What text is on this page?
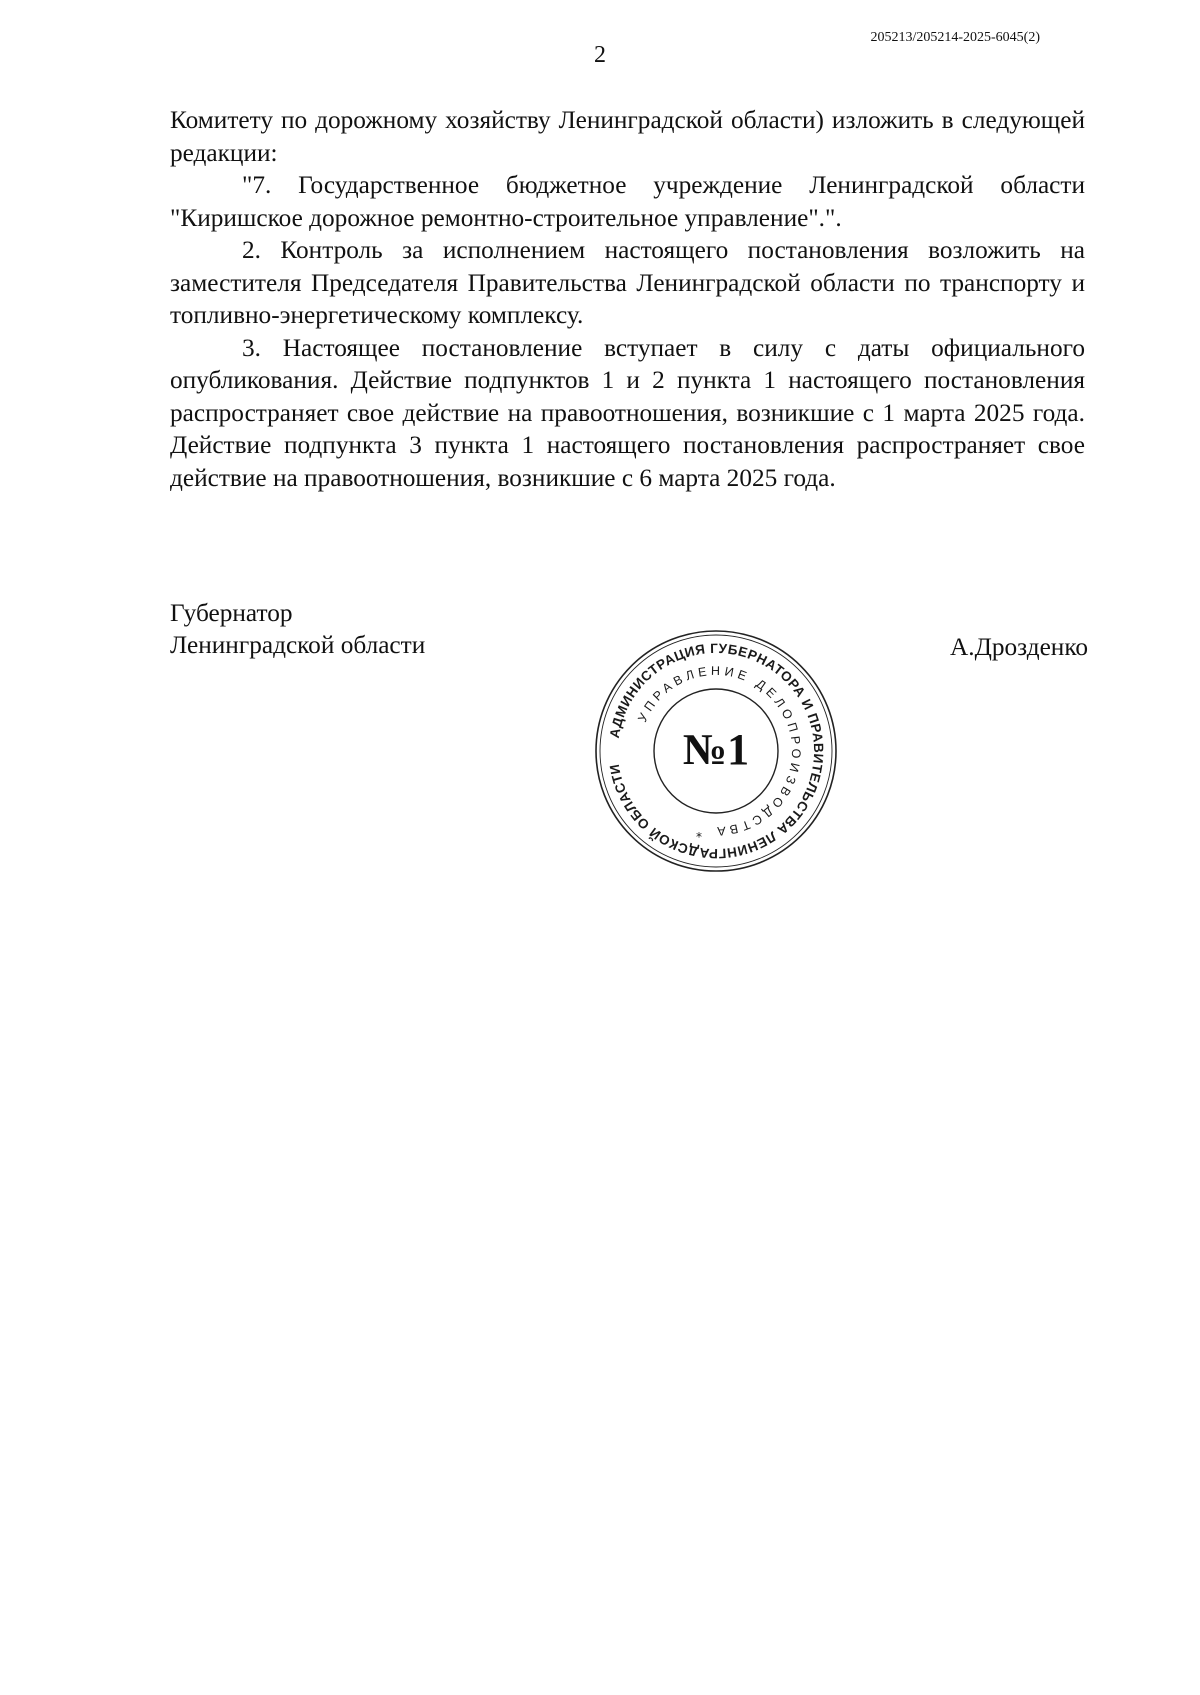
205213/205214-2025-6045(2)
2

Комитету по дорожному хозяйству Ленинградской области) изложить в следующей редакции:

"7. Государственное бюджетное учреждение Ленинградской области "Киришское дорожное ремонтно-строительное управление".".

2. Контроль за исполнением настоящего постановления возложить на заместителя Председателя Правительства Ленинградской области по транспорту и топливно-энергетическому комплексу.

3. Настоящее постановление вступает в силу с даты официального опубликования. Действие подпунктов 1 и 2 пункта 1 настоящего постановления распространяет свое действие на правоотношения, возникшие с 1 марта 2025 года. Действие подпункта 3 пункта 1 настоящего постановления распространяет свое действие на правоотношения, возникшие с 6 марта 2025 года.

Губернатор
Ленинградской области	А.Дрозденко
АДМИНИСТРАЦИЯ ГУБЕРНАТОРА И ПРАВИТЕЛЬСТВА ЛЕНИНГРАДСКОЙ ОБЛАСТИ
УПРАВЛЕНИЕ ДЕЛОПРОИЗВОДСТВА
№1
*
